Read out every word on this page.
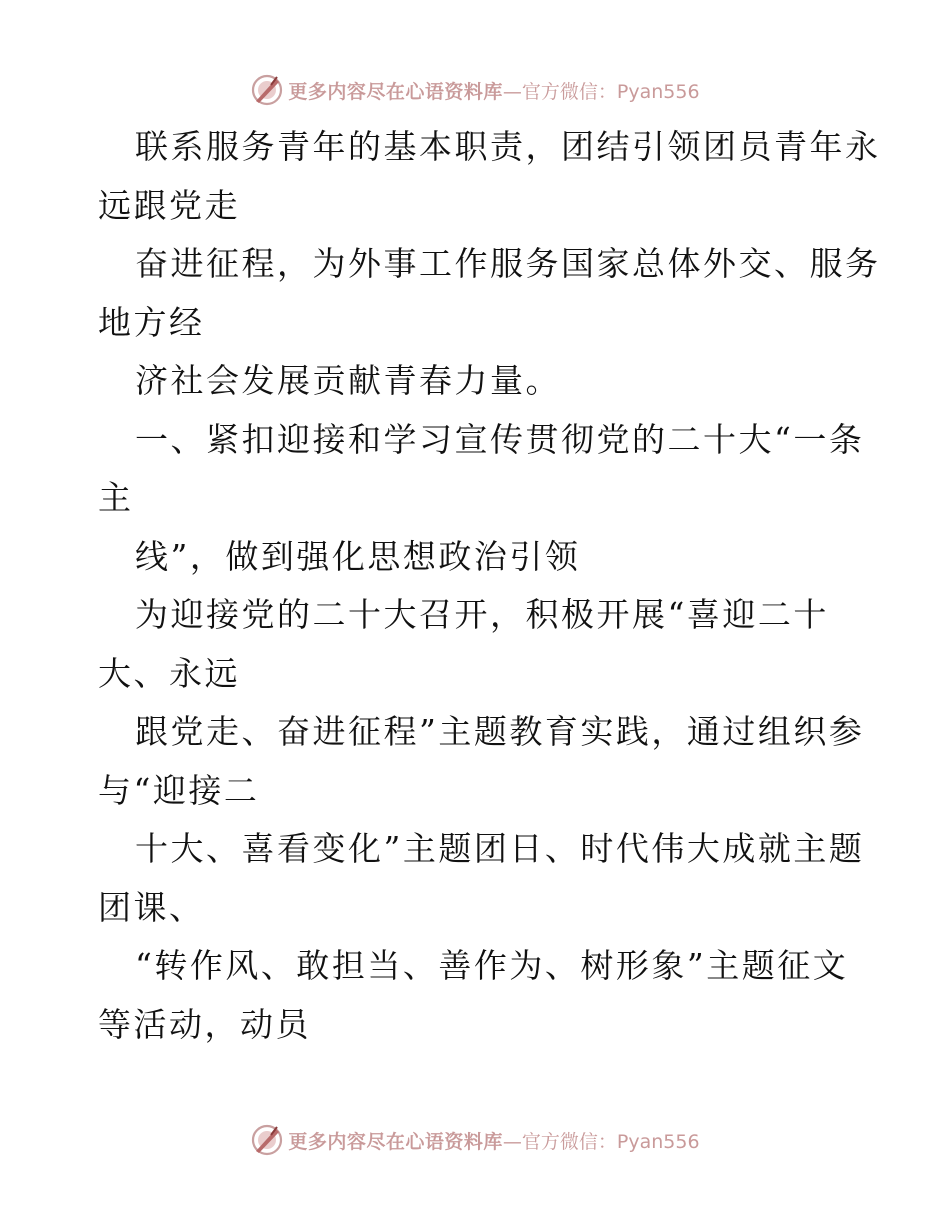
更多内容尽在心语资料库 —官方微信：Pyan556

联系服务青年的基本职责，团结引领团员青年永
远跟党走

奋进征程，为外事工作服务国家总体外交、服务
地方经

济社会发展贡献青春力量。

一、紧扣迎接和学习宣传贯彻党的二十大“一条
主

线”，做到强化思想政治引领

为迎接党的二十大召开，积极开展“喜迎二十
大、永远

跟党走、奋进征程”主题教育实践，通过组织参
与“迎接二

十大、喜看变化”主题团日、时代伟大成就主题
团课、

“转作风、敢担当、善作为、树形象”主题征文
等活动，动员

更多内容尽在心语资料库 —官方微信：Pyan556
